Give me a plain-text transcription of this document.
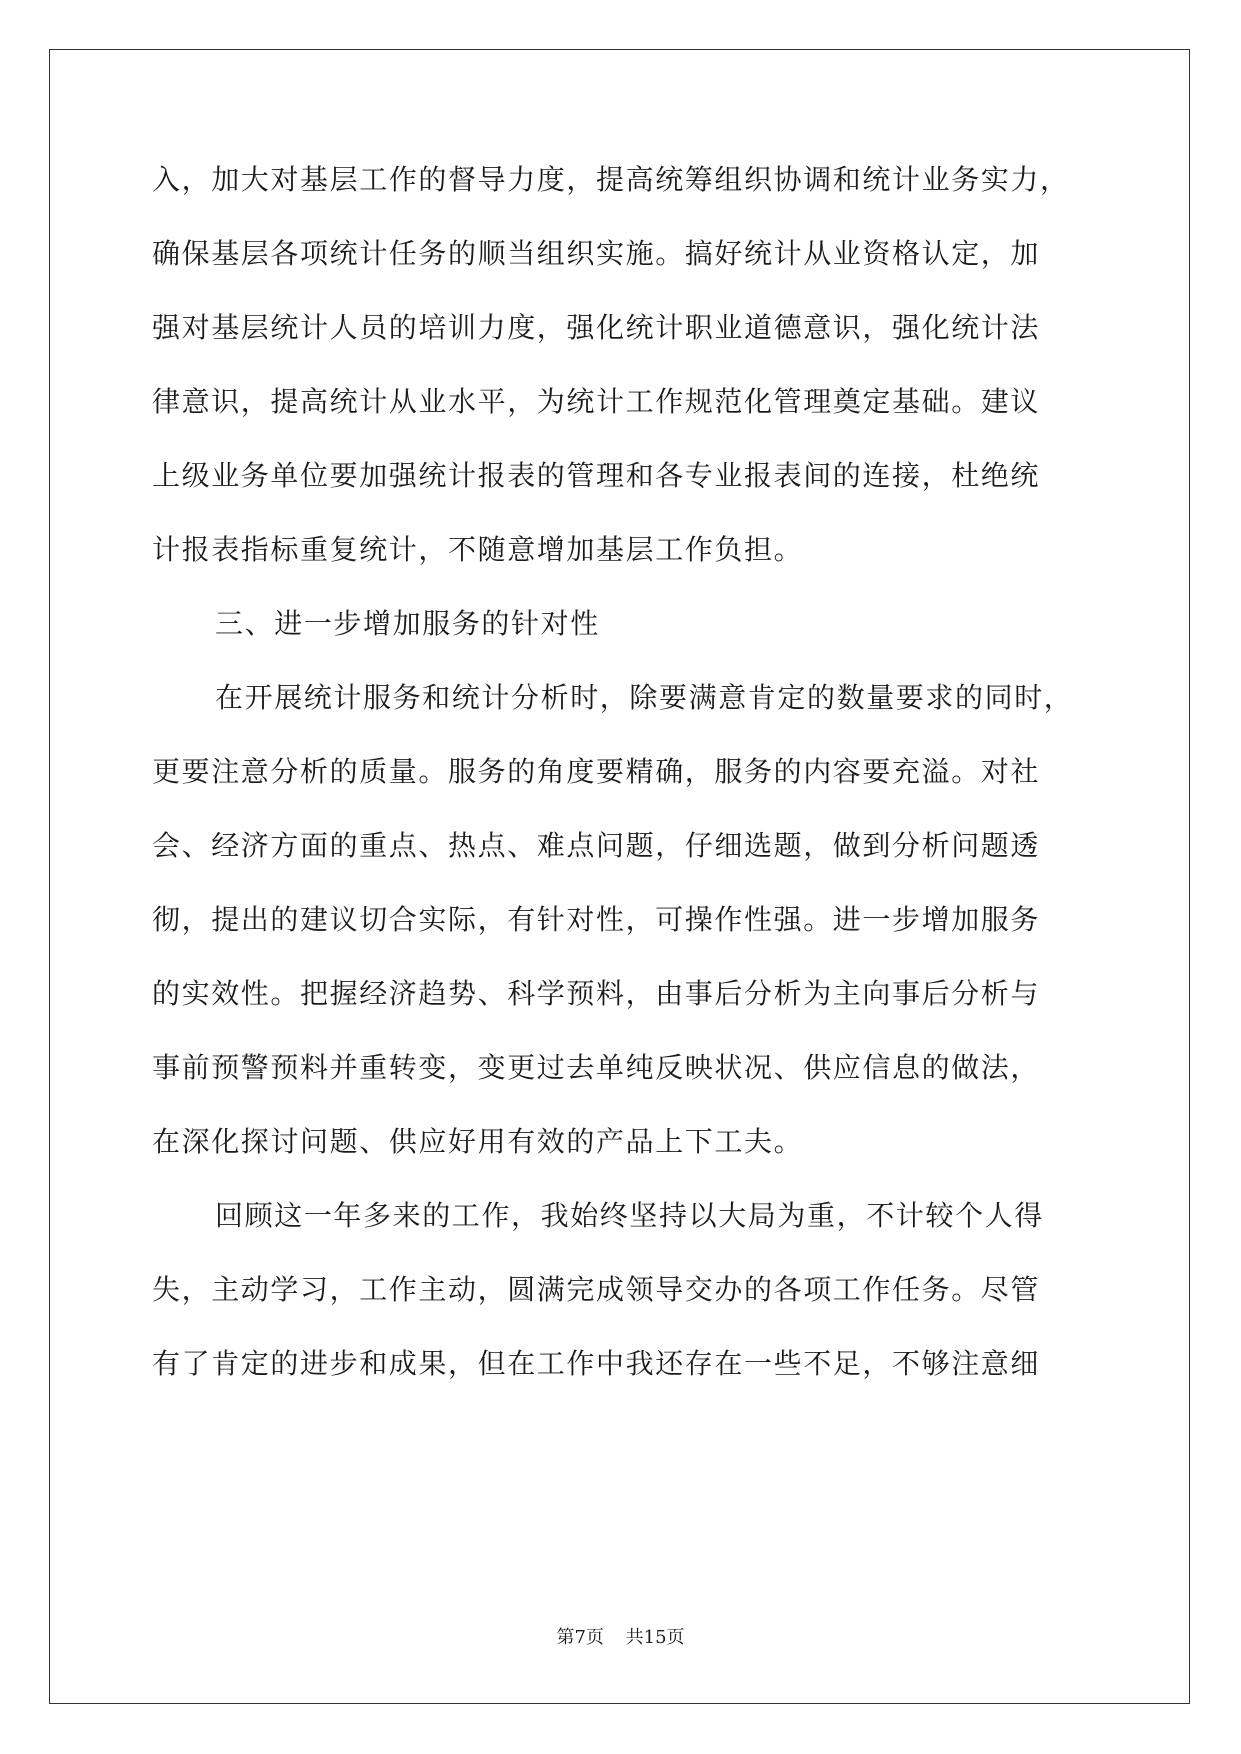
入，加大对基层工作的督导力度，提高统筹组织协调和统计业务实力，
确保基层各项统计任务的顺当组织实施。搞好统计从业资格认定，加
强对基层统计人员的培训力度，强化统计职业道德意识，强化统计法
律意识，提高统计从业水平，为统计工作规范化管理奠定基础。建议
上级业务单位要加强统计报表的管理和各专业报表间的连接，杜绝统
计报表指标重复统计，不随意增加基层工作负担。
三、进一步增加服务的针对性
在开展统计服务和统计分析时，除要满意肯定的数量要求的同时，
更要注意分析的质量。服务的角度要精确，服务的内容要充溢。对社
会、经济方面的重点、热点、难点问题，仔细选题，做到分析问题透
彻，提出的建议切合实际，有针对性，可操作性强。进一步增加服务
的实效性。把握经济趋势、科学预料，由事后分析为主向事后分析与
事前预警预料并重转变，变更过去单纯反映状况、供应信息的做法，
在深化探讨问题、供应好用有效的产品上下工夫。
回顾这一年多来的工作，我始终坚持以大局为重，不计较个人得
失，主动学习，工作主动，圆满完成领导交办的各项工作任务。尽管
有了肯定的进步和成果，但在工作中我还存在一些不足，不够注意细
第7页 共15页
